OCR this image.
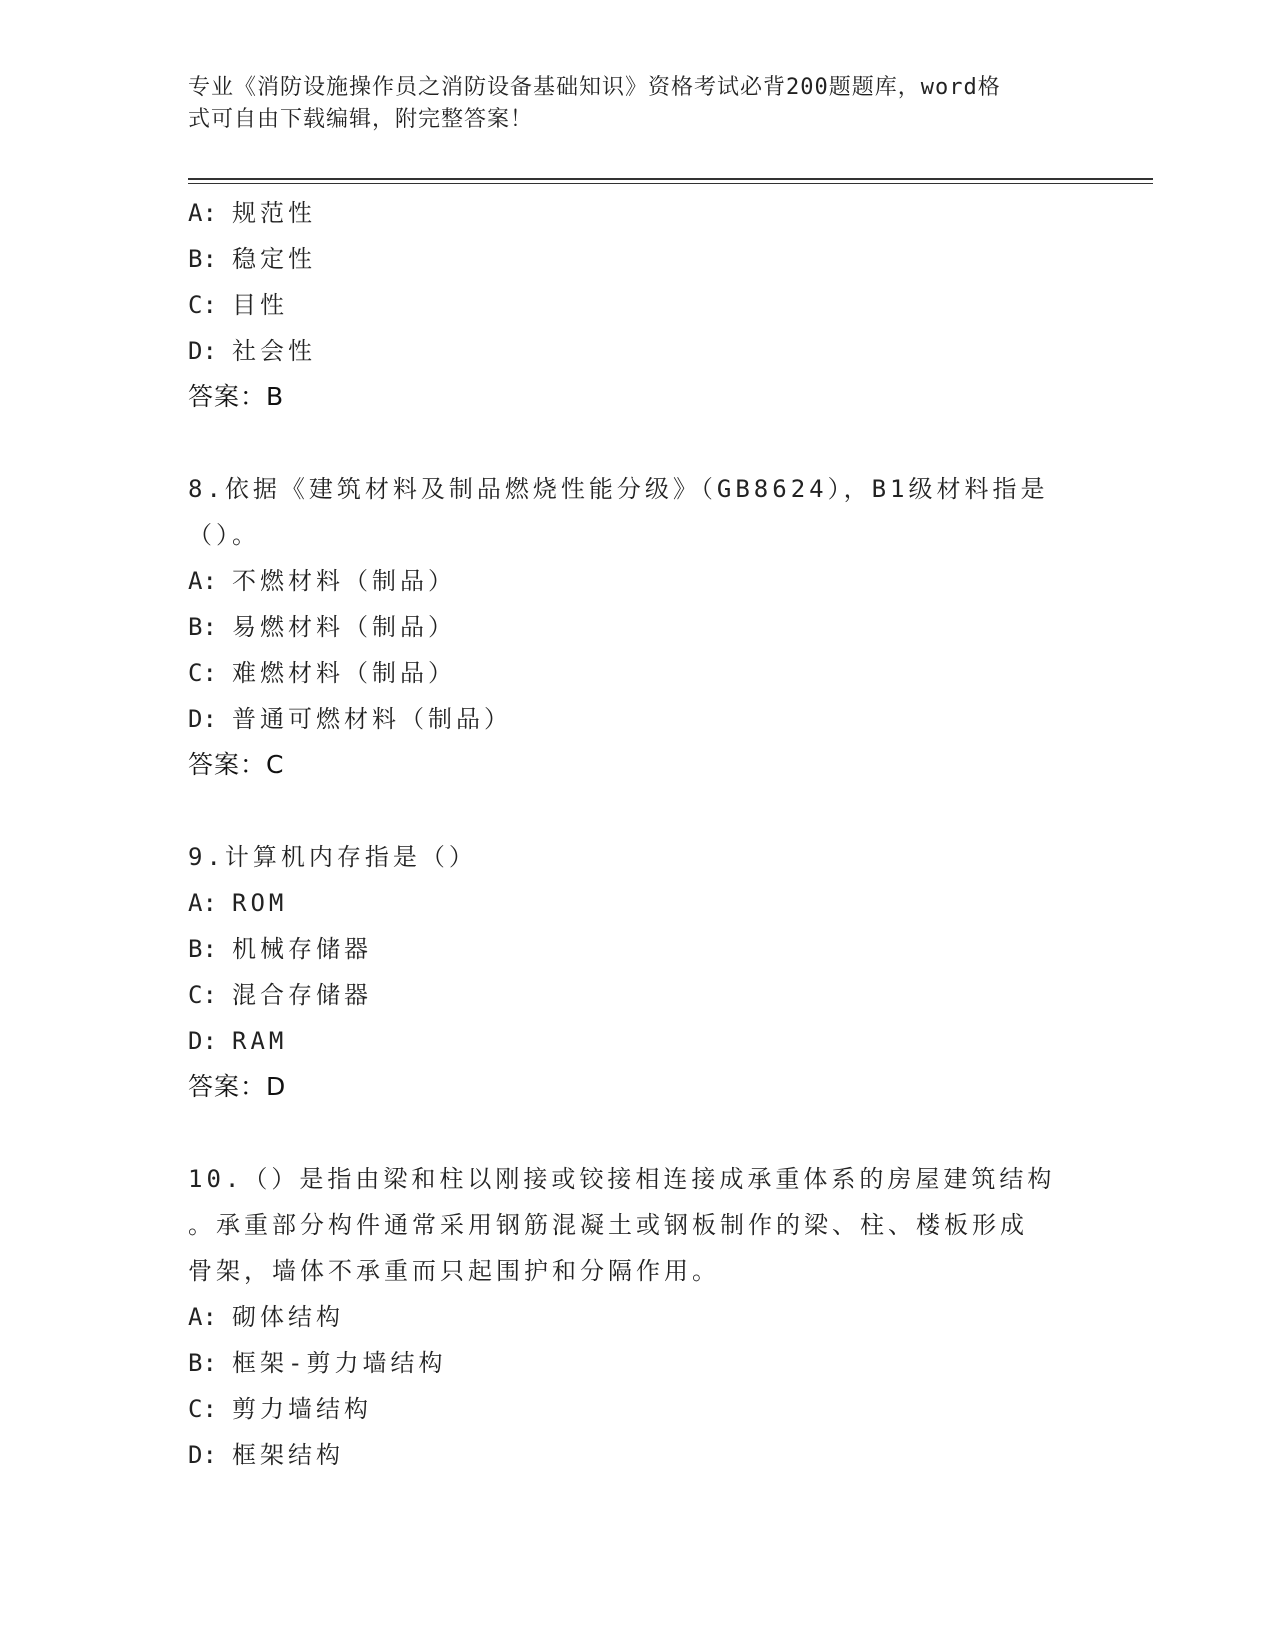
专业《消防设施操作员之消防设备基础知识》资格考试必背200题题库，word格
式可自由下载编辑，附完整答案！
A: 规范性
B: 稳定性
C: 目性
D: 社会性
答案：B
8.依据《建筑材料及制品燃烧性能分级》（GB8624），B1级材料指是
（）。
A: 不燃材料（制品）
B: 易燃材料（制品）
C: 难燃材料（制品）
D: 普通可燃材料（制品）
答案：C
9.计算机内存指是（）
A: ROM
B: 机械存储器
C: 混合存储器
D: RAM
答案：D
10.（）是指由梁和柱以刚接或铰接相连接成承重体系的房屋建筑结构
。承重部分构件通常采用钢筋混凝土或钢板制作的梁、柱、楼板形成
骨架，墙体不承重而只起围护和分隔作用。
A: 砌体结构
B: 框架-剪力墙结构
C: 剪力墙结构
D: 框架结构
